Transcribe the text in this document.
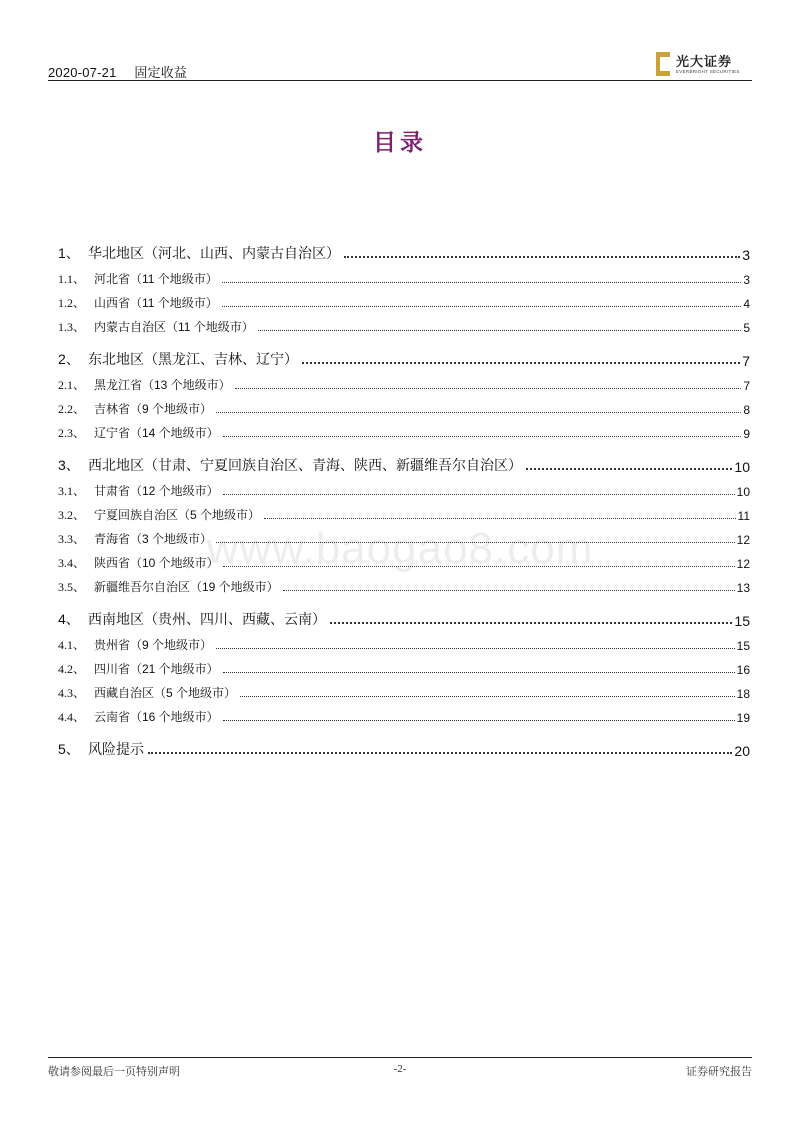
2020-07-21 固定收益
光大证券
EVERBRIGHT SECURITIES
目录
www.baogao8.com
1、 华北地区（河北、山西、内蒙古自治区）	3
1.1、 河北省（11 个地级市）	3
1.2、 山西省（11 个地级市）	4
1.3、 内蒙古自治区（11 个地级市）	5
2、 东北地区（黑龙江、吉林、辽宁）	7
2.1、 黑龙江省（13 个地级市）	7
2.2、 吉林省（9 个地级市）	8
2.3、 辽宁省（14 个地级市）	9
3、 西北地区（甘肃、宁夏回族自治区、青海、陕西、新疆维吾尔自治区）	10
3.1、 甘肃省（12 个地级市）	10
3.2、 宁夏回族自治区（5 个地级市）	11
3.3、 青海省（3 个地级市）	12
3.4、 陕西省（10 个地级市）	12
3.5、 新疆维吾尔自治区（19 个地级市）	13
4、 西南地区（贵州、四川、西藏、云南）	15
4.1、 贵州省（9 个地级市）	15
4.2、 四川省（21 个地级市）	16
4.3、 西藏自治区（5 个地级市）	18
4.4、 云南省（16 个地级市）	19
5、 风险提示	20
敬请参阅最后一页特别声明	-2-	证券研究报告
